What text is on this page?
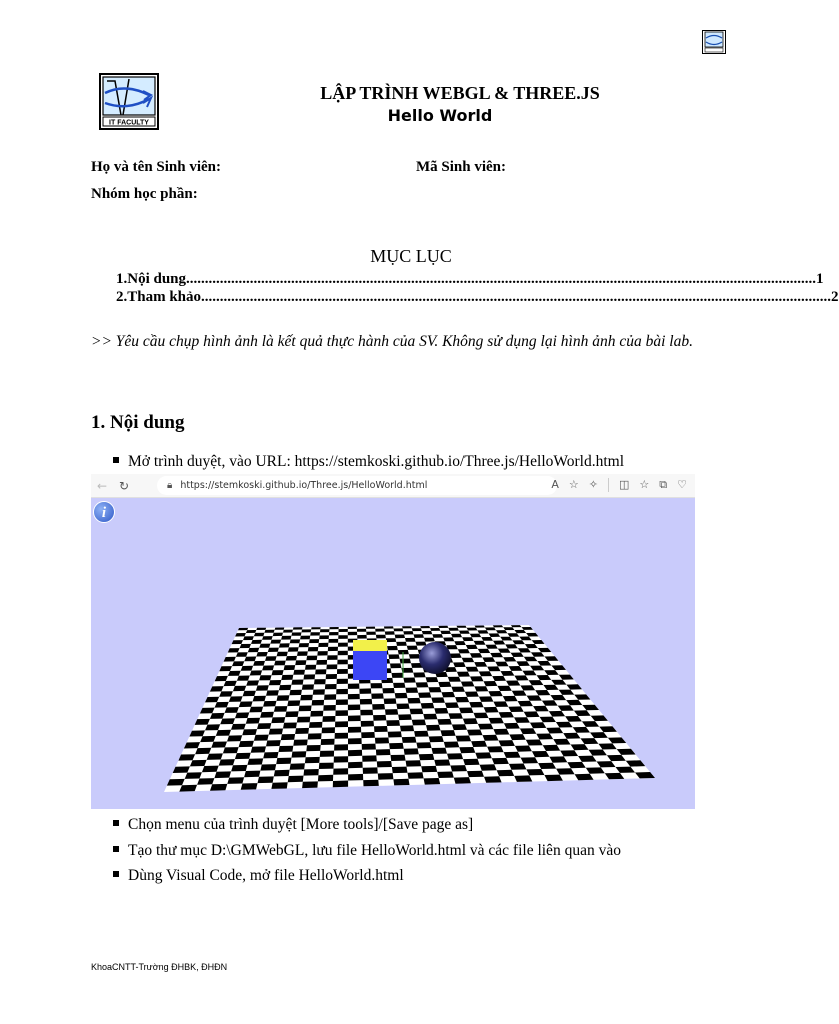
IT FACULTY
LẬP TRÌNH WEBGL & THREE.JS
Hello World
Họ và tên Sinh viên:	Mã Sinh viên:
Nhóm học phần:
MỤC LỤC
1. Nội dung ........................................................................................................................................................................ 1
2. Tham khảo ........................................................................................................................................................................ 2
>> Yêu cầu chụp hình ảnh là kết quả thực hành của SV. Không sử dụng lại hình ảnh của bài lab.
1. Nội dung
Mở trình duyệt, vào URL: https://stemkoski.github.io/Three.js/HelloWorld.html
← ↻	🔒︎ https://stemkoski.github.io/Three.js/HelloWorld.html	A ☆ ✧ ◫ ☆ ⧉ ♡
i
Chọn menu của trình duyệt [More tools]/[Save page as]
Tạo thư mục D:\GMWebGL, lưu file HelloWorld.html và các file liên quan vào
Dùng Visual Code, mở file HelloWorld.html
KhoaCNTT-Trường ĐHBK, ĐHĐN
